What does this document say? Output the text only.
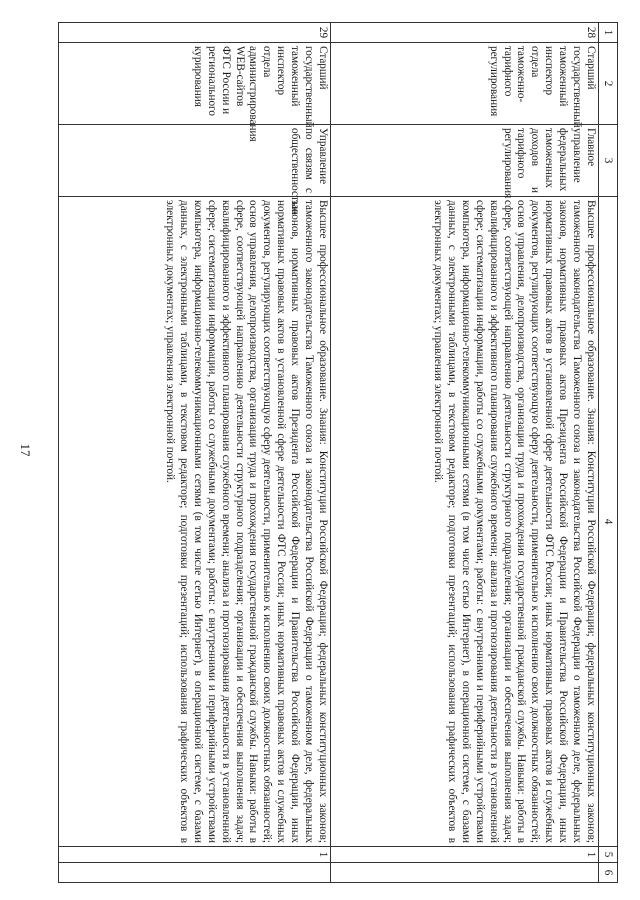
17
1	2	3	4	5	6
28	Старший государственный таможенный инспектор отдела таможенно-тарифного регулирования	Главное управление федеральных таможенных доходов и тарифного регулирования	Высшее профессиональное образование. Знания: Конституции Российской Федерации; федеральных конституционных законов; таможенного законодательства Таможенного союза и законодательства Российской Федерации о таможенном деле, федеральных законов, нормативных правовых актов Президента Российской Федерации и Правительства Российской Федерации, иных нормативных правовых актов в установленной сфере деятельности ФТС России; иных нормативных правовых актов и служебных документов, регулирующих соответствующую сферу деятельности, применительно к исполнению своих должностных обязанностей; основ управления, делопроизводства, организации труда и прохождения государственной гражданской службы. Навыки: работы в сфере, соответствующей направлению деятельности структурного подразделения; организации и обеспечения выполнения задач; квалифицированного и эффективного планирования служебного времени; анализа и прогнозирования деятельности в установленной сфере; систематизации информации, работы со служебными документами; работы: с внутренними и периферийными устройствами компьютера, информационно-телекоммуникационными сетями (в том числе сетью Интернет), в операционной системе, с базами данных, с электронными таблицами, в текстовом редакторе; подготовки презентаций; использования графических объектов в электронных документах; управления электронной почтой.	1	
29	Старший государственный таможенный инспектор отдела администрирования WEB-сайтов ФТС России и регионального курирования	Управление по связям с общественностью	Высшее профессиональное образование. Знания: Конституции Российской Федерации; федеральных конституционных законов; таможенного законодательства Таможенного союза и законодательства Российской Федерации о таможенном деле, федеральных законов, нормативных правовых актов Президента Российской Федерации и Правительства Российской Федерации, иных нормативных правовых актов в установленной сфере деятельности ФТС России; иных нормативных правовых актов и служебных документов, регулирующих соответствующую сферу деятельности, применительно к исполнению своих должностных обязанностей; основ управления, делопроизводства, организации труда и прохождения государственной гражданской службы. Навыки: работы в сфере, соответствующей направлению деятельности структурного подразделения; организации и обеспечения выполнения задач; квалифицированного и эффективного планирования служебного времени; анализа и прогнозирования деятельности в установленной сфере; систематизации информации, работы со служебными документами; работы: с внутренними и периферийными устройствами компьютера, информационно-телекоммуникационными сетями (в том числе сетью Интернет), в операционной системе, с базами данных, с электронными таблицами, в текстовом редакторе; подготовки презентаций; использования графических объектов в электронных документах; управления электронной почтой.	1	
